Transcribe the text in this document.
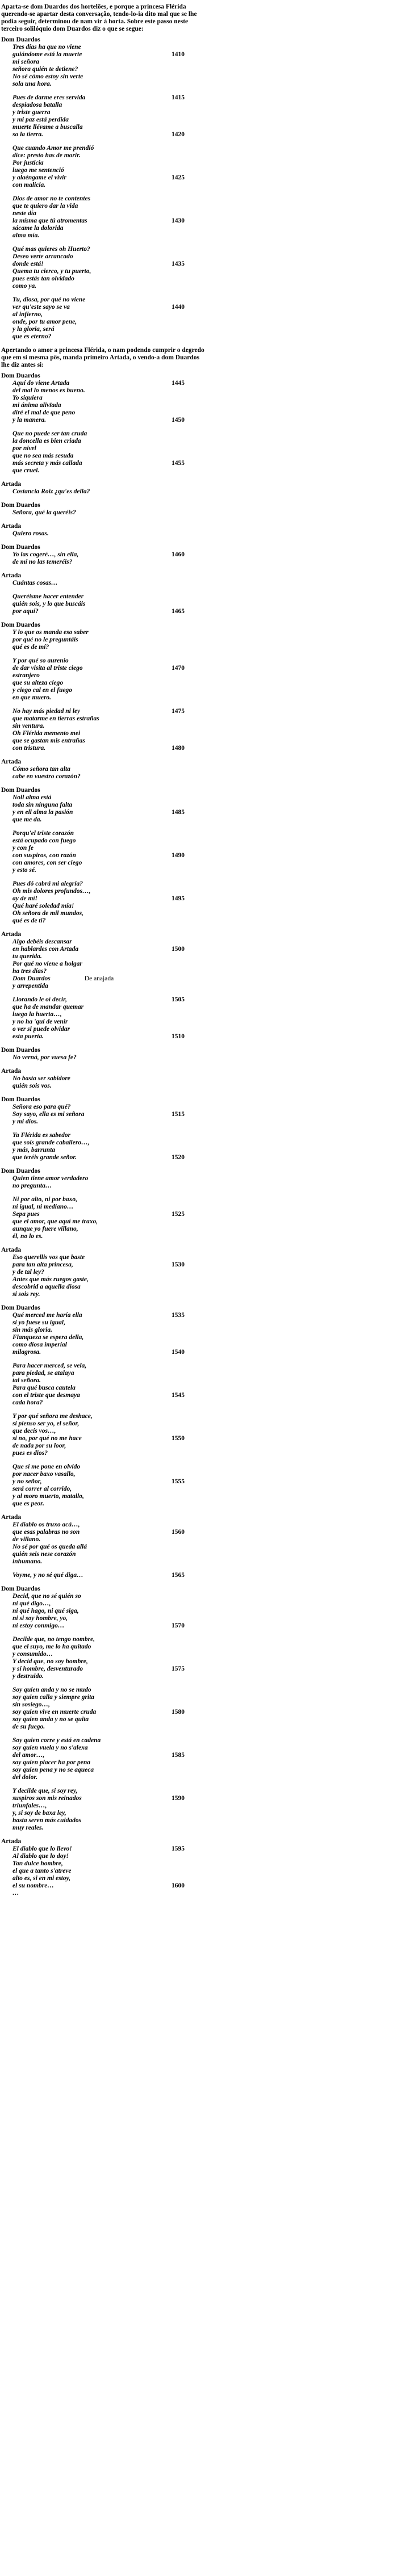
Aparta-se dom Duardos dos hortelões, e porque a princesa Flérida querendo-se apartar desta conversação, tendo-lo-ia dito mal que se lhe podia seguir, determinou de nam vir à horta. Sobre este passo neste terceiro solilóquio dom Duardos diz o que se segue:
Dom Duardos
Tres días ha que no viene
guiándome está la muerte	1410
mi señora
señora quién te detiene?
No sé cómo estoy sin verte
sola una hora.
Pues de darme eres servida	1415
despiadosa batalla
y triste guerra
y mi paz está perdida
muerte llévame a buscalla
so la tierra.	1420
Que cuando Amor me prendió
dice: presto has de morir.
Por justicia
luego me sentenció
y alaéngame el vivir	1425
con malicia.
Dios de amor no te contentes
que te quiero dar la vida
neste día
la mísma que tú atromentas	1430
sácame la dolorida
alma mía.
Qué mas quieres oh Huerto?
Deseo verte arrancado
donde está!	1435
Quema tu cierco, y tu puerto,
pues estás tan olvidado
como ya.
Tu, diosa, por qué no viene
ver qu'este sayo se va	1440
al infierno,
onde, por tu amor pene,
y la gloria, será
que es eterno?
Apertando o amor a princesa Flérida, o nam podendo cumprir o degredo que em si mesma pôs, manda primeiro Artada, o vendo-a dom Duardos lhe diz antes si:
Dom Duardos
Aquí do viene Artada	1445
del mal lo menos es bueno.
Yo siquiera
mi ánima alivïada
diré el mal de que peno
y la manera.	1450
Que no puede ser tan cruda
la doncella es bien criada
por nivel
que no sea más sesuda
más secreta y más callada	1455
que cruel.
Artada
Costancia Roiz ¿qu'es della?
Dom Duardos
Señora, qué la queréis?
Artada
Quiero rosas.
Dom Duardos
Yo las cogeré…, sin ella,	1460
de mí no las temeréis?
Artada
Cuántas cosas…
Queréisme hacer entender
quién sois, y lo que buscáis
por aquí?	1465
Dom Duardos
Y lo que os manda eso saber
por qué no le preguntáis
qué es de mí?
Y por qué so aurenio
de dar visita al triste ciego	1470
estranjero
que su alteza ciego
y ciego cal en el fuego
en que muero.
No hay más piedad ni ley	1475
que matarme en tierras estrañas
sin ventura.
Oh Flérida memento mei
que se gastan mis entrañas
con tristura.	1480
Artada
Cómo señora tan alta
cabe en vuestro corazón?
Dom Duardos
Noll alma está
toda sin ninguna falta
y en ell alma la pasión	1485
que me da.
Porqu'el triste corazón
está ocupado con fuego
y con fe
con suspiros, con razón	1490
con amores, con ser ciego
y esto sé.
Pues dó cabrá mi alegría?
Oh mis dolores profundos…,
ay de mí!	1495
Qué haré soledad mía!
Oh señora de mil mundos,
qué es de ti?
Artada
Algo debéis descansar
en hablardes con Artada	1500
tu querida.
Por qué no viene a holgar
ha tres días?
Dom Duardos	De anajada
y arrepentida
Llorando le oí decir,	1505
que ha de mandar quemar
luego la huerta…,
y no ha 'quí de venir
o ver si puede olvidar
esta puerta.	1510
Dom Duardos
No verná, por vuesa fe?
Artada
No basta ser sabidore
quién sois vos.
Dom Duardos
Señora eso para qué?
Soy sayo, ella es mi señora	1515
y mi dios.
Ya Flérida es sabedor
que sois grande caballero…,
y más, barrunta
que teréis grande señor.	1520
Dom Duardos
Quien tiene amor verdadero
no pregunta…
Ni por alto, ni por baxo,
ni igual, ni mediano…
Sepa pues	1525
que el amor, que aquí me traxo,
aunque yo fuere villano,
él, no lo es.
Artada
Eso querellis vos que baste
para tan alta princesa,	1530
y de tal ley?
Antes que más ruegos gaste,
descobrid a aquella diosa
si sois rey.
Dom Duardos
Qué merced me haría ella	1535
si yo fuese su igual,
sin más gloria.
Flanqueza se espera della,
como diosa imperial
milagrosa.	1540
Para hacer merced, se vela,
para piedad, se atalaya
tal señora.
Para qué busca cautela
con el triste que desmaya	1545
cada hora?
Y por qué señora me deshace,
si pienso ser yo, el señor,
que decís vos…,
si no, por qué no me hace	1550
de nada por su loor,
pues es dios?
Que si me pone en olvido
por nacer baxo vasallo,
y no señor,	1555
será correr al corrido,
y al moro muerto, matallo,
que es peor.
Artada
El diablo os truxo acá…,
que esas palabras no son	1560
de villano.
No sé por qué os queda allá
quién seis nese corazón
inhumano.
Voyme, y no sé qué diga…	1565
Dom Duardos
Decid, que no sé quién so
ni qué digo…,
ni qué hago, ni qué siga,
ni si soy hombre, yo,
ni estoy conmigo…	1570
Decilde que, no tengo nombre,
que el suyo, me lo ha quitado
y consumido…
Y decid que, no soy hombre,
y sí hombre, desventurado	1575
y destruido.
Soy quien anda y no se mudo
soy quien calla y siempre grita
sin sosiego…,
soy quien vive en muerte cruda	1580
soy quien anda y no se quita
de su fuego.
Soy quien corre y está en cadena
soy quien vuela y no s'alexa
del amor…,	1585
soy quien placer ha por pena
soy quien pena y no se aqueca
del dolor.
Y decilde que, si soy rey,
suspiros son mis reinados	1590
triunfales…,
y, si soy de baxa ley,
hasta seren más cuidados
muy reales.
Artada
El diablo que lo llevo!	1595
Al diablo que lo doy!
Tan dulce hombre,
el que a tanto s'atreve
alto es, si en mi estoy,
el su nombre…	1600
…
